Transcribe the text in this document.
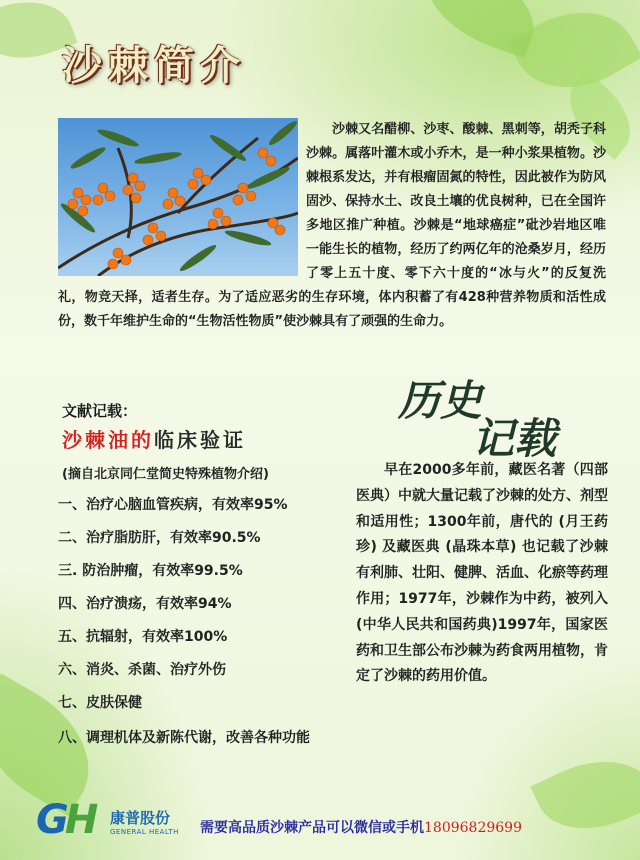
沙棘简介
沙棘又名醋柳、沙枣、酸棘、黑刺等，胡秃子科沙棘。属落叶灌木或小乔木，是一种小浆果植物。沙棘根系发达，并有根瘤固氮的特性，因此被作为防风固沙、保持水土、改良土壤的优良树种，已在全国许多地区推广种植。沙棘是“地球癌症”砒沙岩地区唯一能生长的植物，经历了约两亿年的沧桑岁月，经历了零上五十度、零下六十度的“冰与火”的反复洗礼，物竞天择，适者生存。为了适应恶劣的生存环境，体内积蓄了有428种营养物质和活性成份，数千年维护生命的“生物活性物质”使沙棘具有了顽强的生命力。
文献记载：
沙棘油的临床验证
(摘自北京同仁堂简史特殊植物介绍)
一、治疗心脑血管疾病，有效率95%
二、治疗脂肪肝，有效率90.5%
三. 防治肿瘤，有效率99.5%
四、治疗溃疡，有效率94%
五、抗辐射，有效率100%
六、消炎、杀菌、治疗外伤
七、皮肤保健
八、调理机体及新陈代谢，改善各种功能
历史
记载
早在2000多年前，藏医名著（四部医典）中就大量记载了沙棘的处方、剂型和适用性；1300年前，唐代的 (月王药珍) 及藏医典 (晶珠本草) 也记载了沙棘有利肺、壮阳、健脾、活血、化瘀等药理作用；1977年，沙棘作为中药，被列入(中华人民共和国药典)1997年，国家医药和卫生部公布沙棘为药食两用植物，肯定了沙棘的药用价值。
GH 康普股份
GENERAL HEALTH 需要高品质沙棘产品可以微信或手机18096829699
